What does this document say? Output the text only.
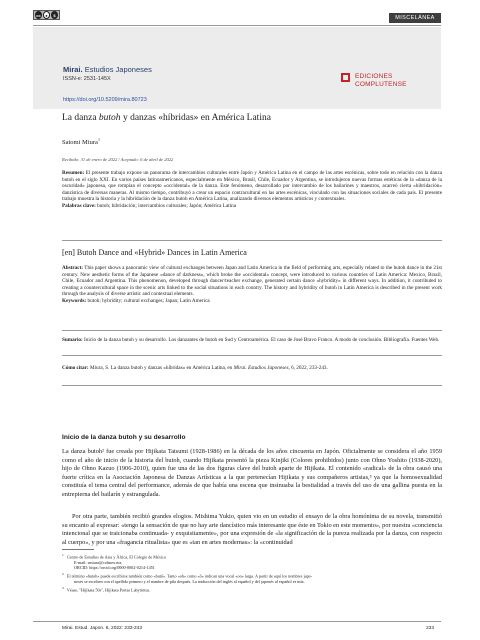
cc	●	$	MISCELÁNEA
Mirai. Estudios Japoneses
ISSN-e: 2531-145X
https://doi.org/10.5209/mira.80723
EDICIONES
COMPLUTENSE
La danza butoh y danzas «híbridas» en América Latina
Satomi Miura$^1$
Recibido: 31 de enero de 2022 / Aceptado: 6 de abril de 2022
Resumen: El presente trabajo expone un panorama de intercambios culturales entre Japón y América Latina en el campo de las artes escénicas, sobre todo en relación con la danza butoh en el siglo XXI. En varios países latinoamericanos, especialmente en México, Brasil, Chile, Ecuador y Argentina, se introdujeron nuevas formas estéticas de la «danza de la oscuridad» japonesa, que rompían el concepto «occidental» de la danza. Este fenómeno, desarrollado por intercambio de los bailarines y maestros, acarreó cierta «hibridación» danzística de diversas maneras. Al mismo tiempo, contribuyó a crear un espacio contracultural en las artes escénicas, vinculado con las situaciones sociales de cada país. El presente trabajo muestra la historia y la hibridación de la danza butoh en América Latina, analizando diversos elementos artísticos y contextuales.
Palabras clave: butoh; hibridación; intercambios culturales; Japón; América Latina
[en] Butoh Dance and «Hybrid» Dances in Latin America
Abstract: This paper shows a panoramic view of cultural exchanges between Japan and Latin America in the field of performing arts, especially related to the butoh dance in the 21st century. New aesthetic forms of the Japanese «dance of darkness», which broke the «occidental» concept, were introduced to various countries of Latin America: Mexico, Brazil, Chile, Ecuador and Argentina. This phenomenon, developed through dancer/teacher exchange, generated certain dance «hybridity» in different ways. In addition, it contributed to creating a countercultural space in the scenic arts linked to the social situations in each country. The history and hybridity of butoh in Latin America is described in the present work through the analysis of diverse artistic and contextual elements.
Keywords: butoh; hybridity; cultural exchanges; Japan; Latin America
Sumario: Inicio de la danza butoh y su desarrollo. Los danzantes de butoh en Sud y Centroamérica. El caso de José Bravo Franco. A modo de conclusión. Bibliografía. Fuentes Web.
Cómo citar: Miura, S. La danza butoh y danzas «híbridas» en América Latina, en Mirai. Estudios Japoneses, 6, 2022, 233-243.
Inicio de la danza butoh y su desarrollo
La danza butoh² fue creada por Hijikata Tatsumi (1928-1986) en la década de los años cincuenta en Japón. Oficialmente se considera el año 1959 como el año de inicio de la historia del butoh, cuando Hijikata presentó la pieza Kinjiki (Colores prohibidos) junto con Ohno Yoshito (1938-2020), hijo de Ohno Kazuo (1906-2010), quien fue una de las dos figuras clave del butoh aparte de Hijikata. El contenido «radical» de la obra causó una fuerte crítica en la Asociación Japonesa de Danzas Artísticas a la que pertenecían Hijikata y sus compañeros artistas,³ ya que la homosexualidad constituía el tema central del performance, además de que había una escena que insinuaba la bestialidad a través del uso de una gallina puesta en la entrepierna del bailarín y estrangulada.
Por otra parte, también recibió grandes elogios. Mishima Yukio, quien vio en un estudio el ensayo de la obra homónima de su novela, transmitió su encanto al expresar: «tengo la sensación de que no hay arte dancístico más interesante que éste en Tokio en este momento», por nuestra «conciencia intencional que se traicionaba continuada- y exquisitamente», por una expresión de «la significación de la pureza realizada por la danza, con respecto al cuerpo», y por una «fragancia ritualista» que es «tan en artes modernas»: la «continuidad
$^1$ Centro de Estudios de Asia y África, El Colegio de México
E-mail: smiura@colmex.mx
ORCID: https://orcid.org/0000-0002-0214-1451
$^2$ El término «butoh» puede escribirse también como «butô». Tanto «oh» como «ô» indican una vocal «oo» larga. A partir de aquí los nombres japo-
neses se escriben con el apellido primero y el nombre de pila después. La traducción del inglés al español y del japonés al español es mía.
$^3$ Véase, "Hijikata 50s", Hijikata Portas Labyrintus.
Mirai. Estud. Japon. 6, 2022: 233-243	233
